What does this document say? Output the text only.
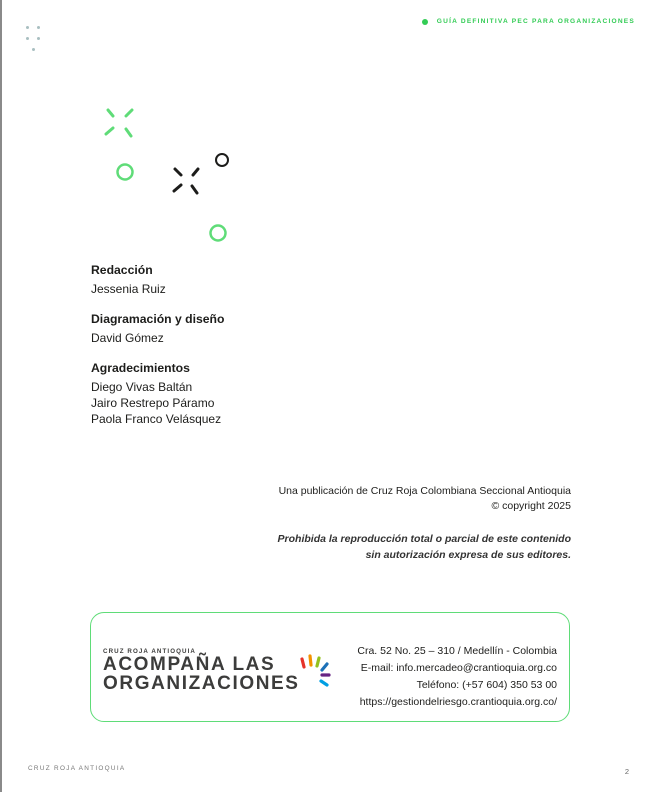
GUÍA DEFINITIVA PEC PARA ORGANIZACIONES
Redacción
Jessenia Ruiz
Diagramación y diseño
David Gómez
Agradecimientos
Diego Vivas Baltán
Jairo Restrepo Páramo
Paola Franco Velásquez
Una publicación de Cruz Roja Colombiana Seccional Antioquia
© copyright 2025
Prohibida la reproducción total o parcial de este contenido
sin autorización expresa de sus editores.
CRUZ ROJA ANTIOQUIA
ACOMPAÑA LAS
ORGANIZACIONES
Cra. 52 No. 25 – 310 / Medellín - Colombia
E-mail: info.mercadeo@crantioquia.org.co
Teléfono: (+57 604) 350 53 00
https://gestiondelriesgo.crantioquia.org.co/
CRUZ ROJA ANTIOQUIA	2
